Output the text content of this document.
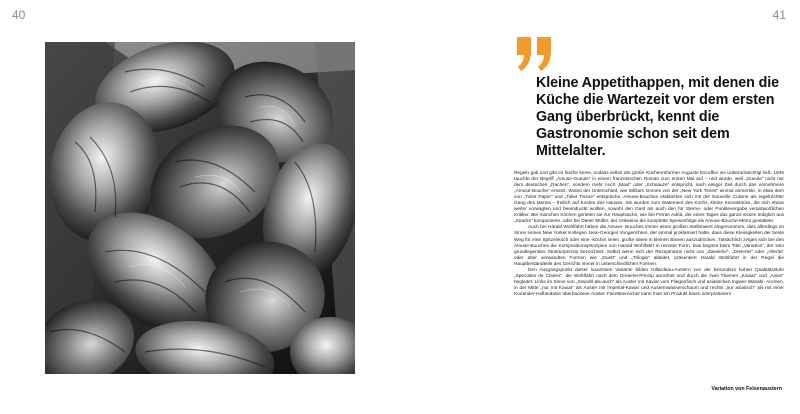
40	41
Kleine Appetithappen, mit denen die Küche die Wartezeit vor dem ersten Gang überbrückt, kennt die Gastronomie schon seit dem Mittelalter.

Regeln gab und gibt es hierfür keine, sodass selbst der große Küchenreformer Auguste Escoffier sie unberücksichtigt ließ. 1946 tauchte der Begriff „Amuse-Gueule“ in einem französischen Roman zum ersten Mal auf – und wurde, weil „Gueule“ nicht nur dem deutschen „Rachen“, sondern mehr noch „Maul“ oder „Schnauze“ entspricht, nach einiger Zeit durch das vornehmere „Amuse-Bouche“ ersetzt. Wobei der Unterschied, wie William Grimes von der „New York Times“ einmal anmerkte, in etwa dem von „Toilet Paper“ und „Toilet Tissue“ entspräche. Amuse-Bouches etablierten sich mit der Nouvelle Cuisine als regelrechter Gang des Menüs – freilich auf Kosten des Hauses. Sie wurden zum Statement des Kochs, kleine Kunststücke, die sich etwas weiter vorwagten und beeindruckt wollten, sowohl den Gast als auch den für Sterne- oder Punktevergabe verantwortlichen Kritiker. Bei manchen Köchen gerieten sie zur Hauptsache, wie bei Ferran Adrià, der eines Tages das ganze Essen lediglich aus „Snacks“ komponierte, oder bei Dieter Müller, der zeitweise die komplette Speisenfolge als Amuse-Bouche-Menü gestaltete.

Auch bei Harald Wohlfahrt haben die Amuse- Bouches immer einen großen Stellenwert eingenommen, dies allerdings im Sinne seines New Yorker Kollegen Jean-Georges Vongerichten, der einmal proklamiert hatte, dass diese Kleinigkeiten der beste Weg für eine Spitzenkoch oder eine -köchin seien, große Ideen in kleinen Bissen auszudrücken. Tatsächlich zeigen sich bei den Amuse-Bouches die Kompositionsprinzipien von Harald Wohlfahrt in reinster Form. Das beginnt beim Titel „Variation“, der sein grundlegendes Strukturprinzip bezeichnet. Selbst wenn sich der Rezeptname nicht von „Zweierlei“, „Dreierlei“ oder „Allerlei“ oder aber verwandten Formen wie „Duett“ und „Trilogie“ ableitet, präsentiert Harald Wohlfahrt in der Regel die Hauptbestandteile des Gerichts immer in unterschiedlichen Formen.

Den Ausgangspunkt dieser luxuriösen Variante bilden Gillardeau-Austern von der besonders hohen Qualitätsstufe „Speciales de Claires“, die Wohlfahrt nach dem Dreierlei-Prinzip anordnet und durch die zwei Themen „Kaviar“ und „Asien“ begleitet: Links im Sinne von „Sowohl-als-auch“ als Auster mit Kaviar vom Fliegenfisch und asiatischen Ingwer-Wasabi- Aromen, in der Mitte „nur mit Kaviar“ als Auster mit Imperial-Kaviar und Austernwasserschaum und rechts „nur asiatisch“ als mit einer Koriander-Hollandaise überbackene Auster. Facettenreicher kann man ein Produkt kaum interpretieren!

Variation von Felsenaustern
